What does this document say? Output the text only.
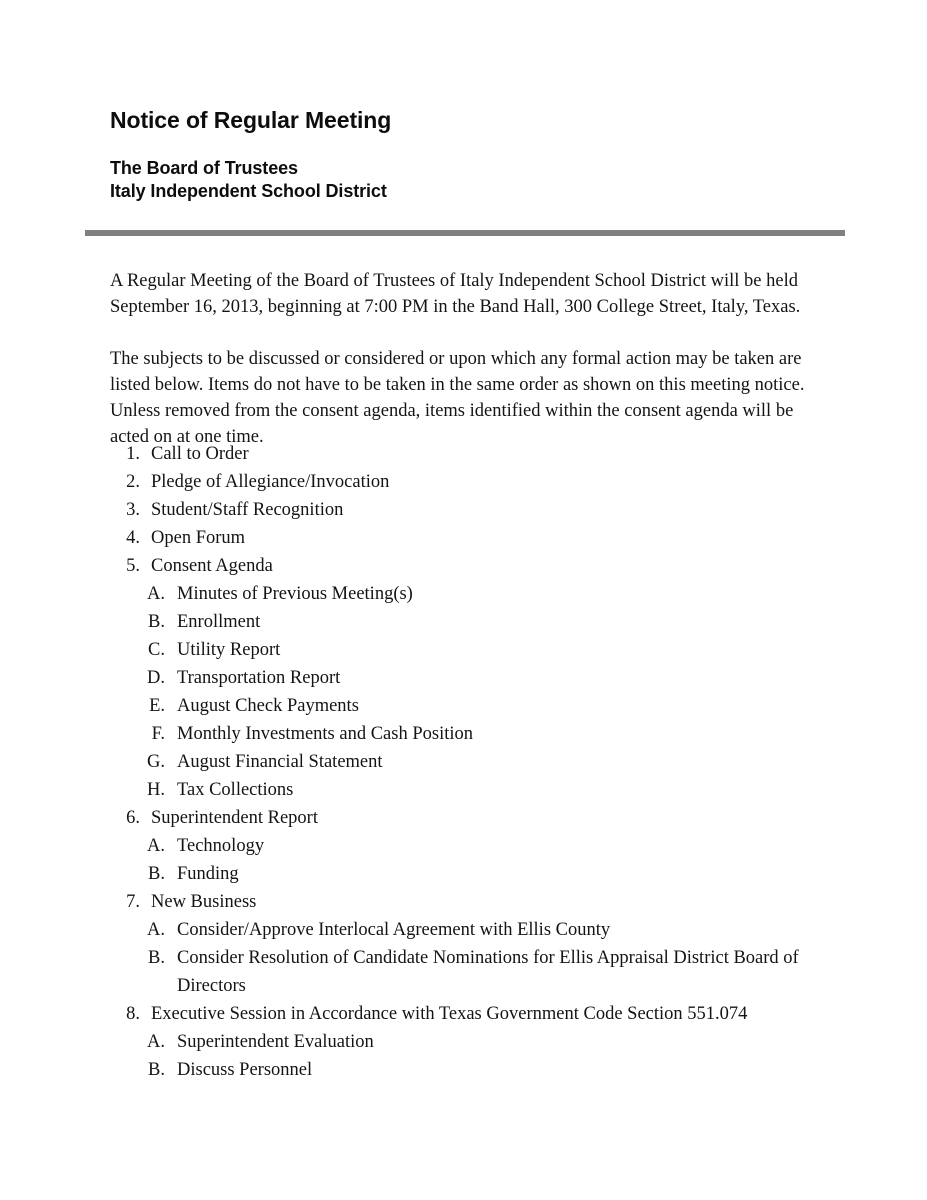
Notice of Regular Meeting

The Board of Trustees

Italy Independent School District

A Regular Meeting of the Board of Trustees of Italy Independent School District will be held September 16, 2013, beginning at 7:00 PM in the Band Hall, 300 College Street, Italy, Texas.

The subjects to be discussed or considered or upon which any formal action may be taken are listed below. Items do not have to be taken in the same order as shown on this meeting notice. Unless removed from the consent agenda, items identified within the consent agenda will be acted on at one time.

1. Call to Order
2. Pledge of Allegiance/Invocation
3. Student/Staff Recognition
4. Open Forum
5. Consent Agenda
A. Minutes of Previous Meeting(s)
B. Enrollment
C. Utility Report
D. Transportation Report
E. August Check Payments
F. Monthly Investments and Cash Position
G. August Financial Statement
H. Tax Collections
6. Superintendent Report
A. Technology
B. Funding
7. New Business
A. Consider/Approve Interlocal Agreement with Ellis County
B. Consider Resolution of Candidate Nominations for Ellis Appraisal District Board of Directors
8. Executive Session in Accordance with Texas Government Code Section 551.074
A. Superintendent Evaluation
B. Discuss Personnel
